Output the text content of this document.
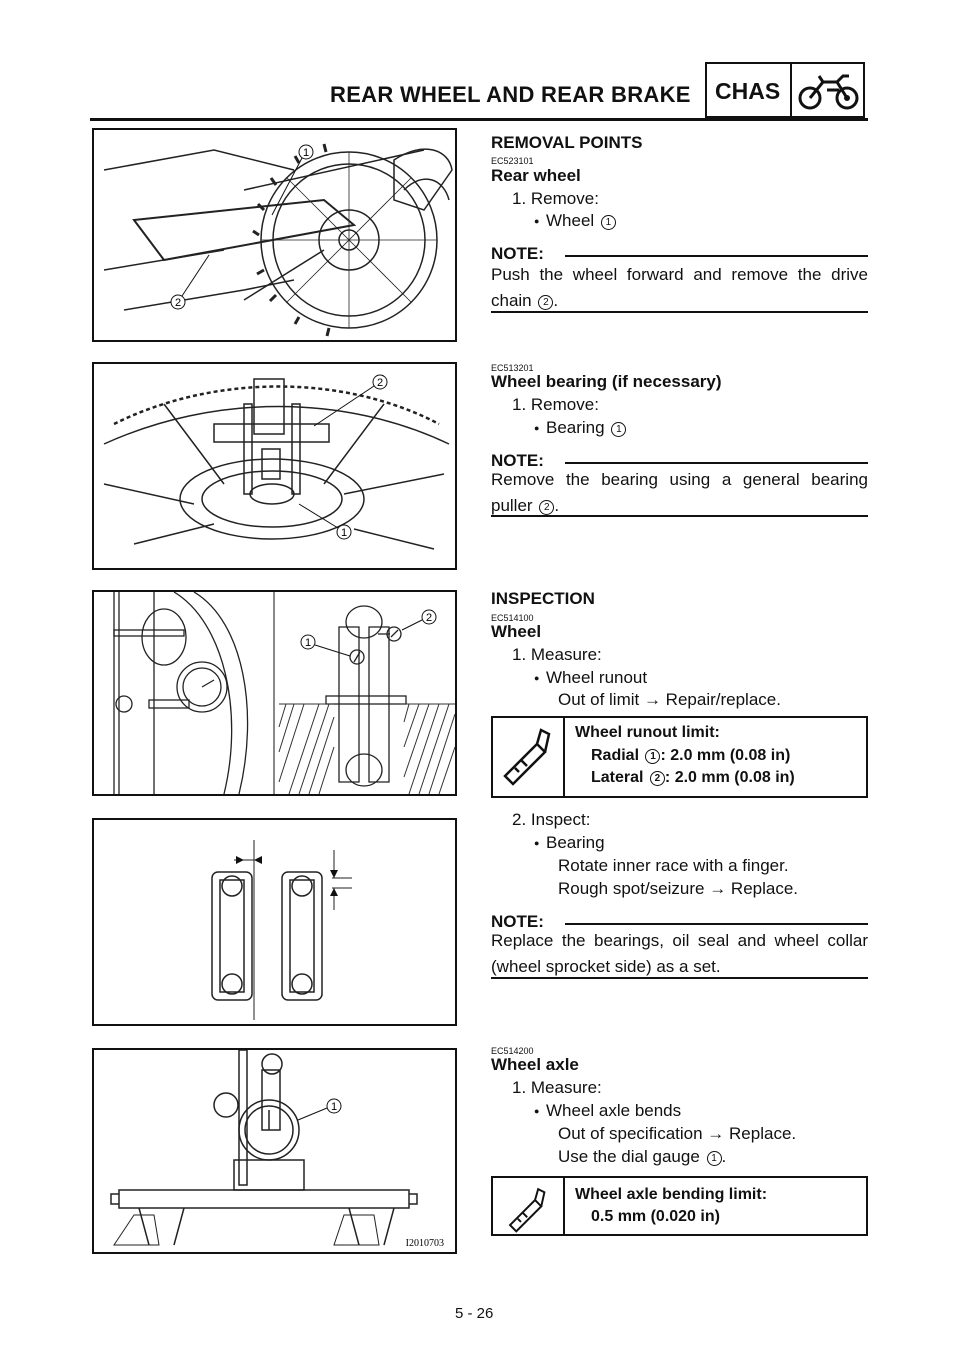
REAR WHEEL AND REAR BRAKE CHAS
1
2
2
1
2
1
1
I2010703
REMOVAL POINTS
EC523101
Rear wheel
1. Remove:
● Wheel 1
NOTE:
Push the wheel forward and remove the drive chain 2 .
EC513201
Wheel bearing (if necessary)
1. Remove:
● Bearing 1
NOTE:
Remove the bearing using a general bearing puller 2 .
INSPECTION
EC514100
Wheel
1. Measure:
● Wheel runout
Out of limit → Repair/replace.
Wheel runout limit:
Radial 1 : 2.0 mm (0.08 in)
Lateral 2 : 2.0 mm (0.08 in)
2. Inspect:
● Bearing
Rotate inner race with a finger.
Rough spot/seizure → Replace.
NOTE:
Replace the bearings, oil seal and wheel collar (wheel sprocket side) as a set.
EC514200
Wheel axle
1. Measure:
● Wheel axle bends
Out of specification → Replace.
Use the dial gauge 1 .
Wheel axle bending limit:
0.5 mm (0.020 in)
5 - 26
